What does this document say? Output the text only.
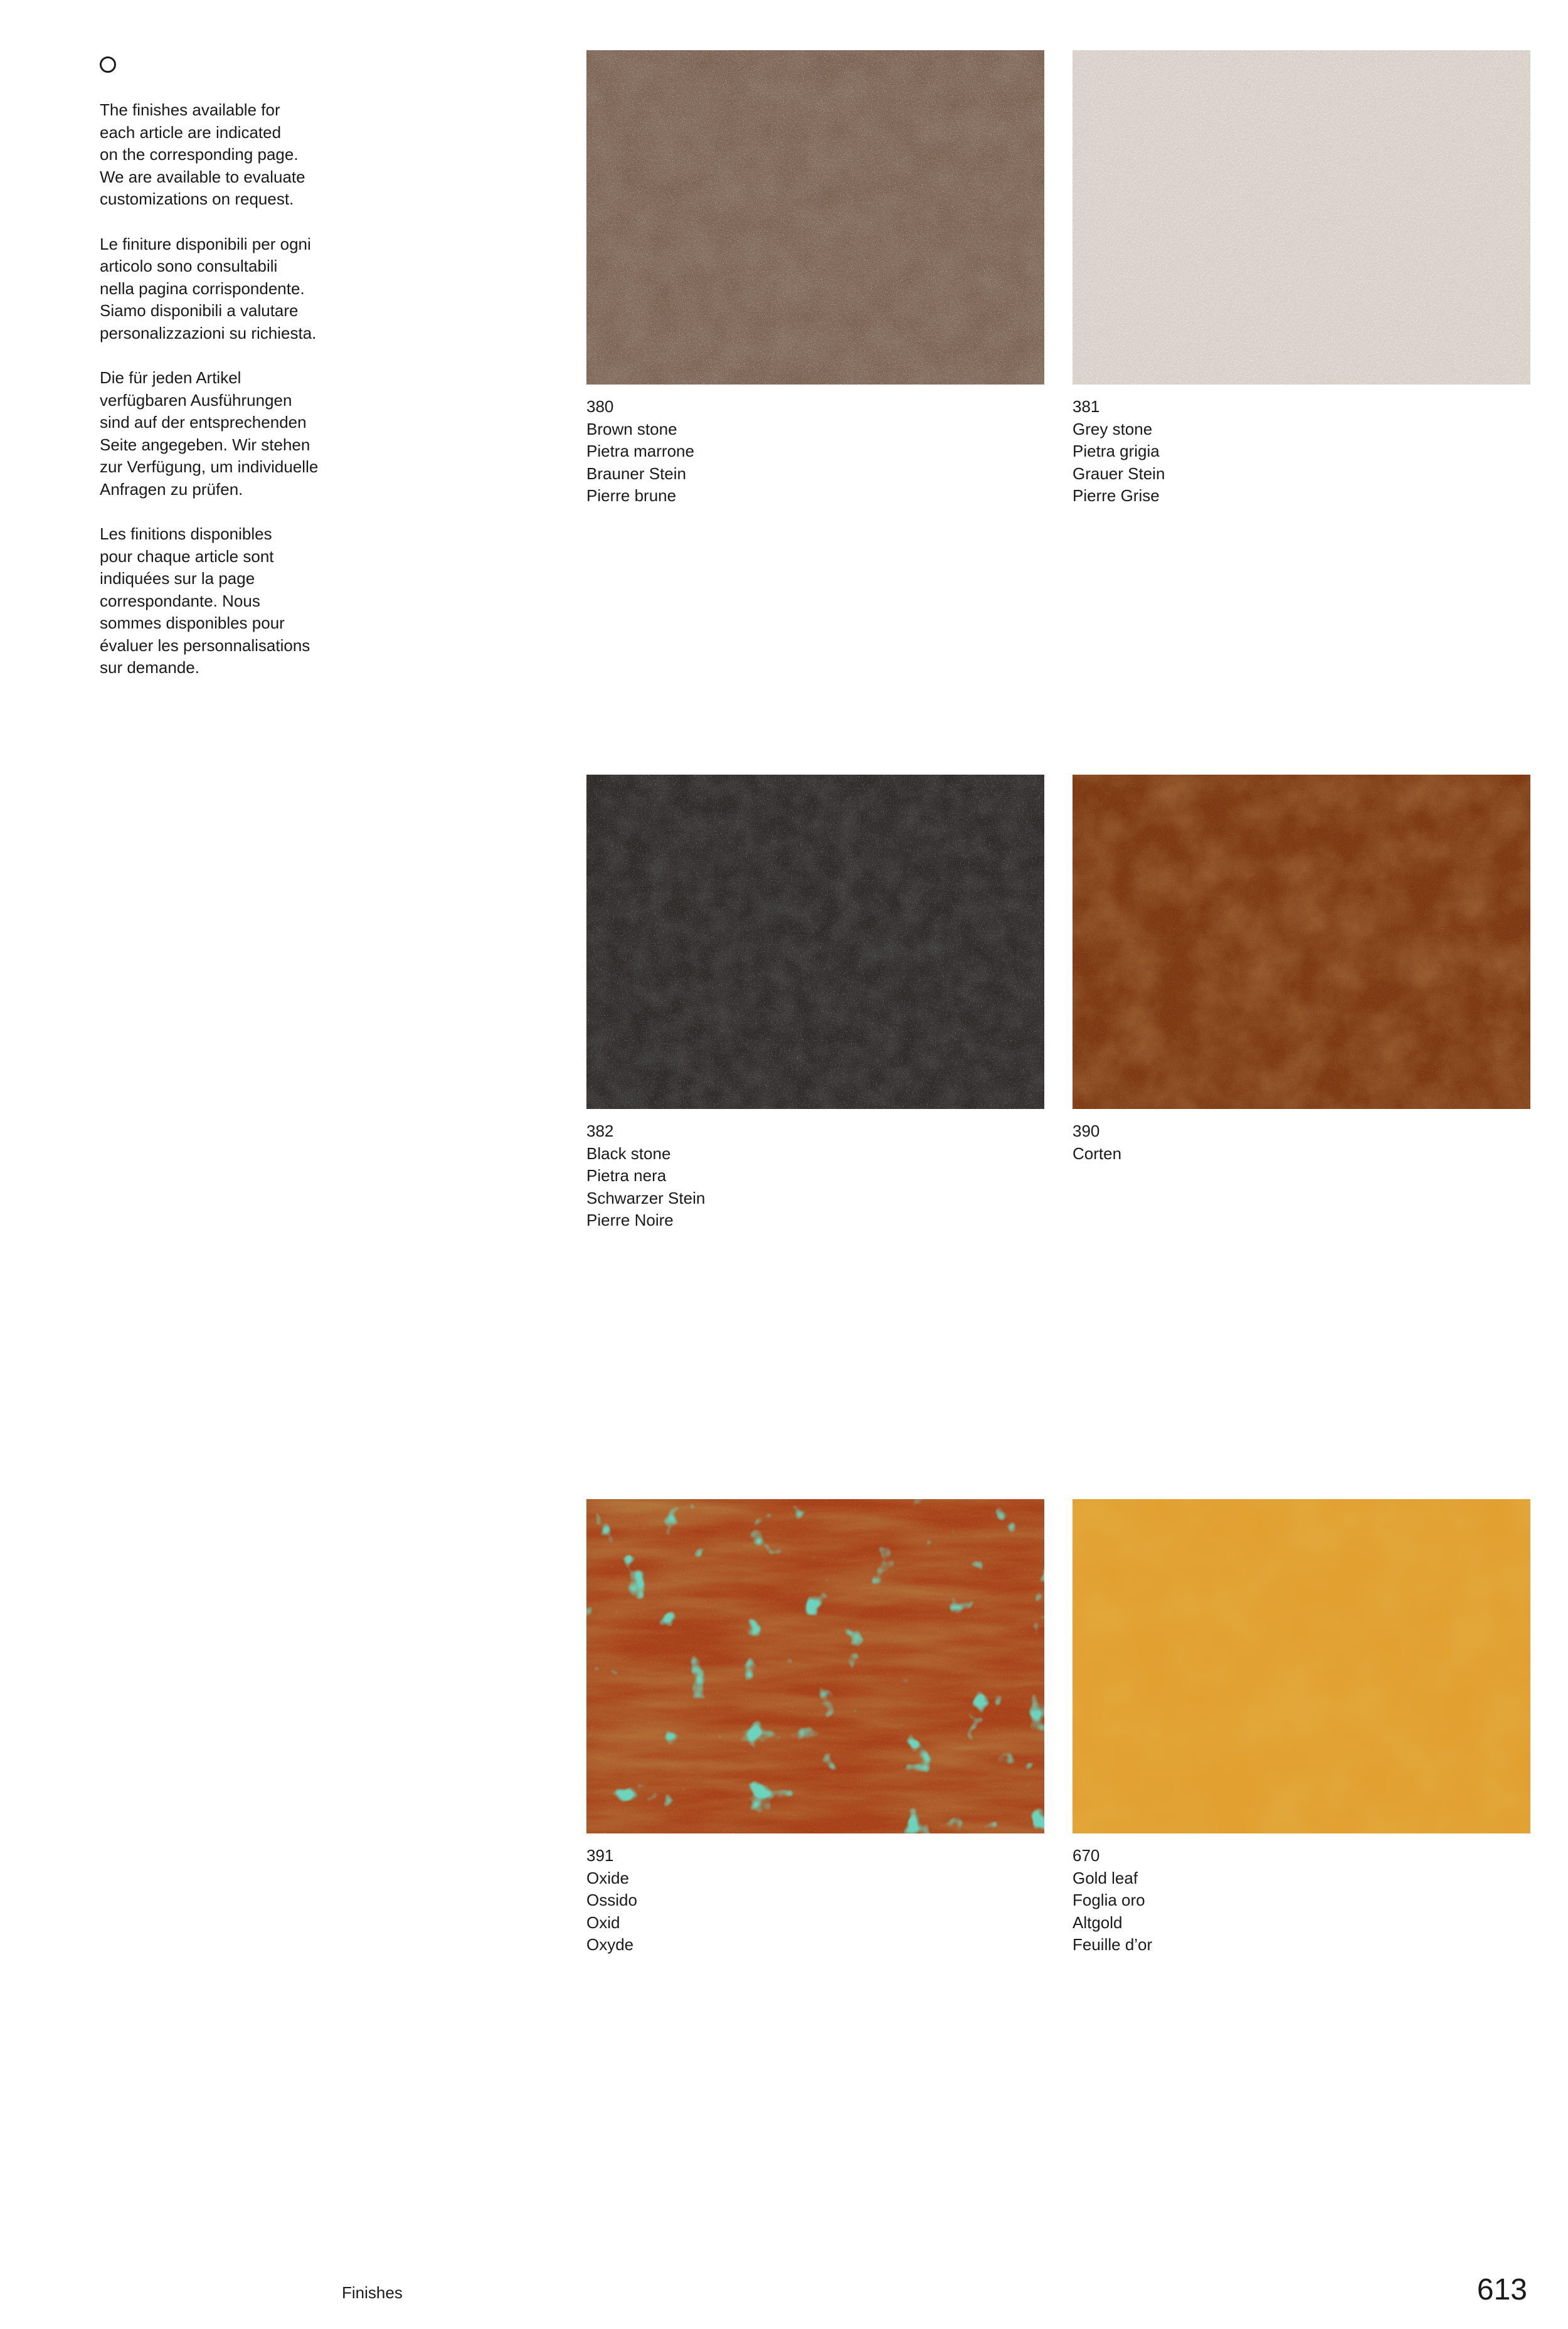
The finishes available for
each article are indicated
on the corresponding page.
We are available to evaluate
customizations on request.

Le finiture disponibili per ogni
articolo sono consultabili
nella pagina corrispondente.
Siamo disponibili a valutare
personalizzazioni su richiesta.

Die für jeden Artikel
verfügbaren Ausführungen
sind auf der entsprechenden
Seite angegeben. Wir stehen
zur Verfügung, um individuelle
Anfragen zu prüfen.

Les finitions disponibles
pour chaque article sont
indiquées sur la page
correspondante. Nous
sommes disponibles pour
évaluer les personnalisations
sur demande.

380
Brown stone
Pietra marrone
Brauner Stein
Pierre brune
381
Grey stone
Pietra grigia
Grauer Stein
Pierre Grise
382
Black stone
Pietra nera
Schwarzer Stein
Pierre Noire
390
Corten
391
Oxide
Ossido
Oxid
Oxyde
670
Gold leaf
Foglia oro
Altgold
Feuille d’or
Finishes	613
